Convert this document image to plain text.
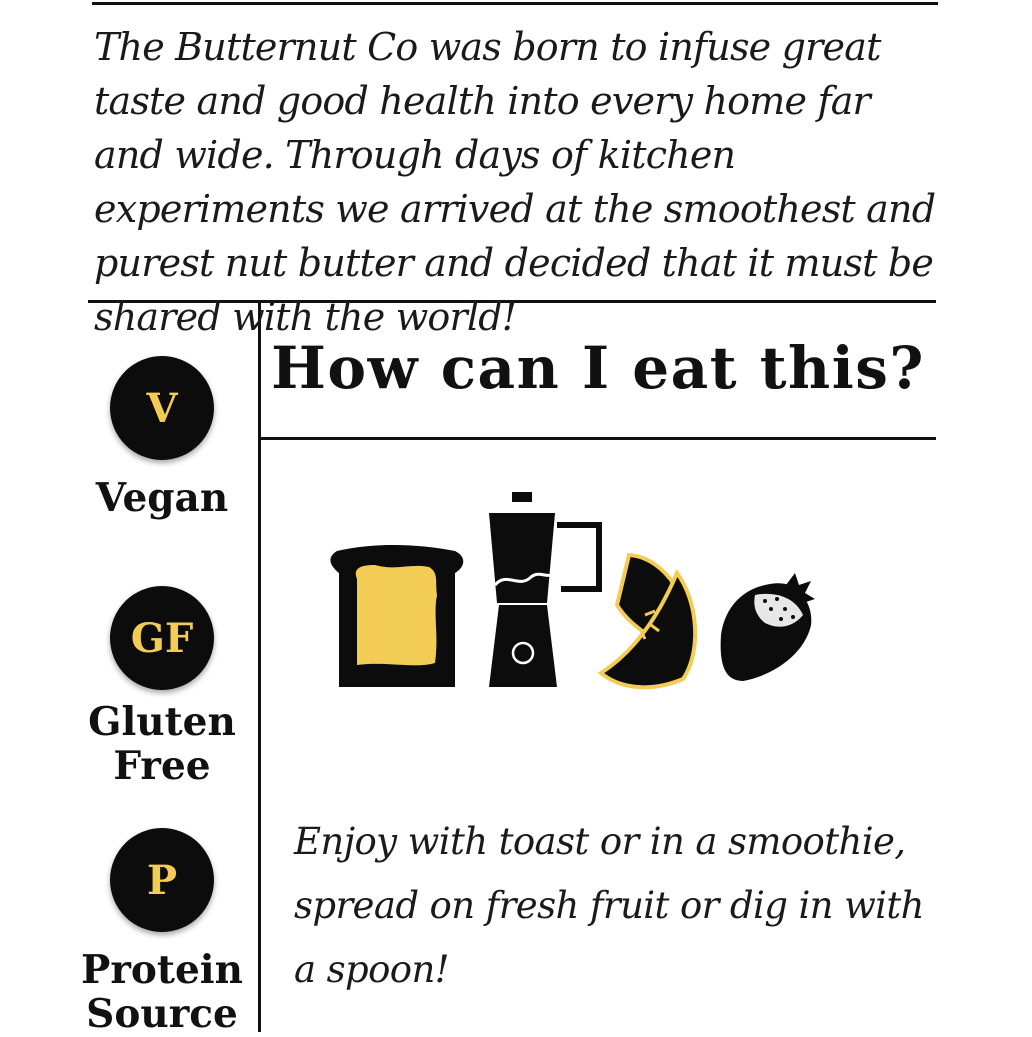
The Butternut Co was born to infuse great taste and good health into every home far and wide. Through days of kitchen experiments we arrived at the smoothest and purest nut butter and decided that it must be shared with the world!

V
Vegan
GF
Gluten Free
P
Protein Source
How can I eat this?

Enjoy with toast or in a smoothie, spread on fresh fruit or dig in with a spoon!
